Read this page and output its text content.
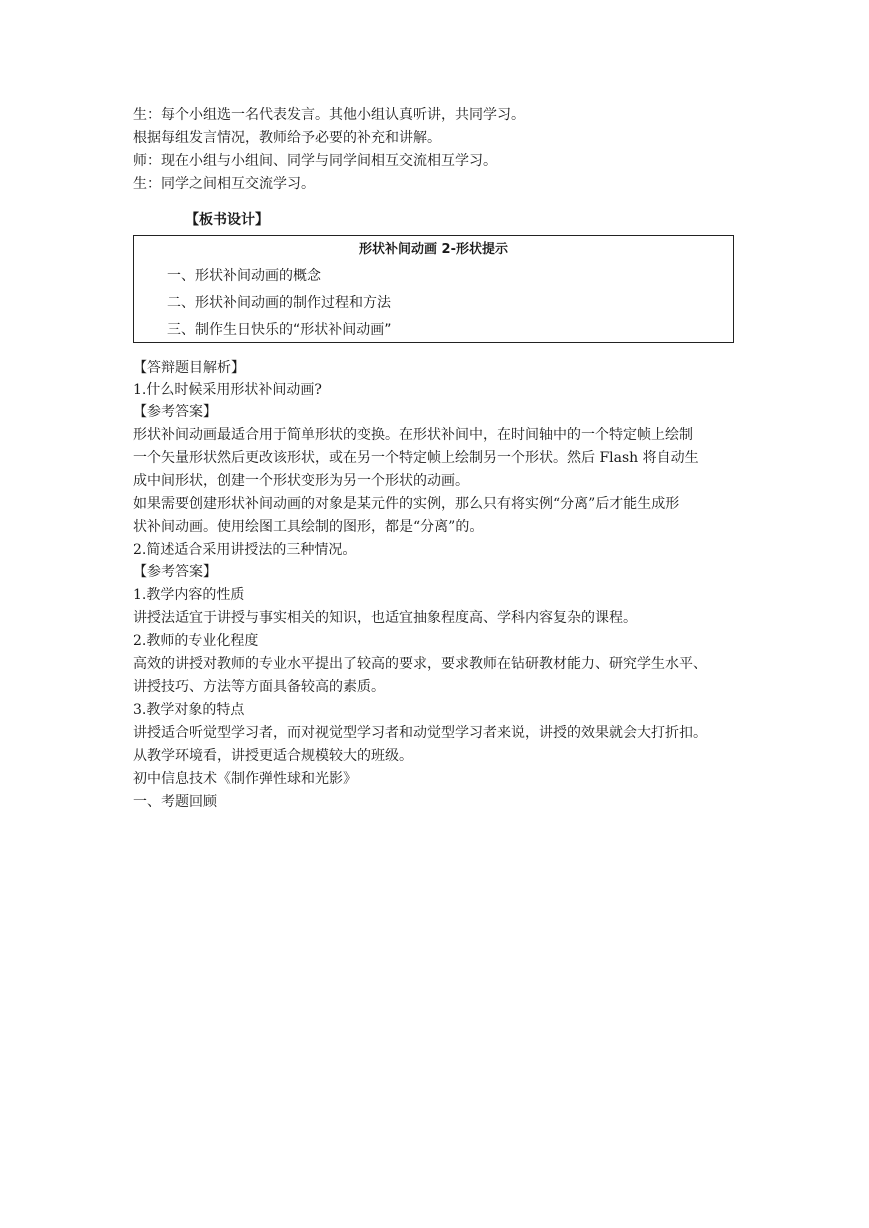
生：每个小组选一名代表发言。其他小组认真听讲，共同学习。
根据每组发言情况，教师给予必要的补充和讲解。
师：现在小组与小组间、同学与同学间相互交流相互学习。
生：同学之间相互交流学习。
【板书设计】
形状补间动画 2-形状提示
一、形状补间动画的概念
二、形状补间动画的制作过程和方法
三、制作生日快乐的“形状补间动画”
【答辩题目解析】
1.什么时候采用形状补间动画?
【参考答案】
形状补间动画最适合用于简单形状的变换。在形状补间中，在时间轴中的一个特定帧上绘制
一个矢量形状然后更改该形状，或在另一个特定帧上绘制另一个形状。然后 Flash 将自动生
成中间形状，创建一个形状变形为另一个形状的动画。
如果需要创建形状补间动画的对象是某元件的实例，那么只有将实例“分离”后才能生成形
状补间动画。使用绘图工具绘制的图形，都是“分离”的。
2.简述适合采用讲授法的三种情况。
【参考答案】
1.教学内容的性质
讲授法适宜于讲授与事实相关的知识，也适宜抽象程度高、学科内容复杂的课程。
2.教师的专业化程度
高效的讲授对教师的专业水平提出了较高的要求，要求教师在钻研教材能力、研究学生水平、
讲授技巧、方法等方面具备较高的素质。
3.教学对象的特点
讲授适合听觉型学习者，而对视觉型学习者和动觉型学习者来说，讲授的效果就会大打折扣。
从教学环境看，讲授更适合规模较大的班级。
初中信息技术《制作弹性球和光影》
一、考题回顾
